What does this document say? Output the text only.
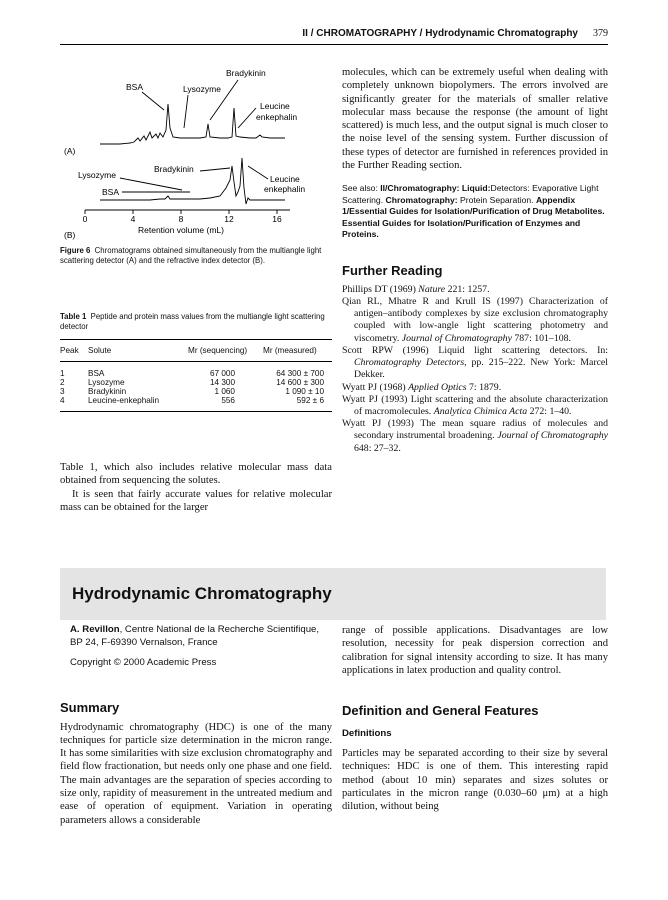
II / CHROMATOGRAPHY / Hydrodynamic Chromatography 379
(A)
BSA	Lysozyme
Bradykinin
Leucine
enkephalin
Lysozyme
BSA
Bradykinin
Leucine
enkephalin
(B)
0	4	8	12	16
Retention volume (mL)
Figure 6 Chromatograms obtained simultaneously from the multiangle light scattering detector (A) and the refractive index detector (B).
Table 1 Peptide and protein mass values from the multiangle light scattering detector
Peak	Solute	Mr (sequencing)	Mr (measured)
1	BSA	67 000	64 300 ± 700
2	Lysozyme	14 300	14 600 ± 300
3	Bradykinin	1 060	1 090 ± 10
4	Leucine-enkephalin	556	592 ± 6

Table 1, which also includes relative molecular mass data obtained from sequencing the solutes.

It is seen that fairly accurate values for relative molecular mass can be obtained for the larger

molecules, which can be extremely useful when dealing with completely unknown biopolymers. The errors involved are significantly greater for the materials of smaller relative molecular mass because the response (the amount of light scattered) is much less, and the output signal is much closer to the noise level of the sensing system. Further discussion of these types of detector are furnished in references provided in the Further Reading section.

See also: II/Chromatography: Liquid:Detectors: Evaporative Light Scattering. Chromatography: Protein Separation. Appendix 1/Essential Guides for Isolation/Purification of Drug Metabolites. Essential Guides for Isolation/Purification of Enzymes and Proteins.

Further Reading

Phillips DT (1969) Nature 221: 1257.

Qian RL, Mhatre R and Krull IS (1997) Characterization of antigen–antibody complexes by size exclusion chromatography coupled with low-angle light scattering photometry and viscometry. Journal of Chromatography 787: 101–108.

Scott RPW (1996) Liquid light scattering detectors. In: Chromatography Detectors, pp. 215–222. New York: Marcel Dekker.

Wyatt PJ (1968) Applied Optics 7: 1879.

Wyatt PJ (1993) Light scattering and the absolute characterization of macromolecules. Analytica Chimica Acta 272: 1–40.

Wyatt PJ (1993) The mean square radius of molecules and secondary instrumental broadening. Journal of Chromatography 648: 27–32.

Hydrodynamic Chromatography

A. Revillon, Centre National de la Recherche Scientifique, BP 24, F-69390 Vernalson, France

Copyright © 2000 Academic Press

Summary

Hydrodynamic chromatography (HDC) is one of the many techniques for particle size determination in the micron range. It has some similarities with size exclusion chromatography and field flow fractionation, but needs only one phase and one field. The main advantages are the separation of species according to size only, rapidity of measurement in the untreated medium and ease of operation of equipment. Variation in operating parameters allows a considerable

range of possible applications. Disadvantages are low resolution, necessity for peak dispersion correction and calibration for signal intensity according to size. It has many applications in latex production and quality control.

Definition and General Features
Definitions

Particles may be separated according to their size by several techniques: HDC is one of them. This interesting rapid method (about 10 min) separates and sizes solutes or particulates in the micron range (0.030–60 μm) at a high dilution, without being
